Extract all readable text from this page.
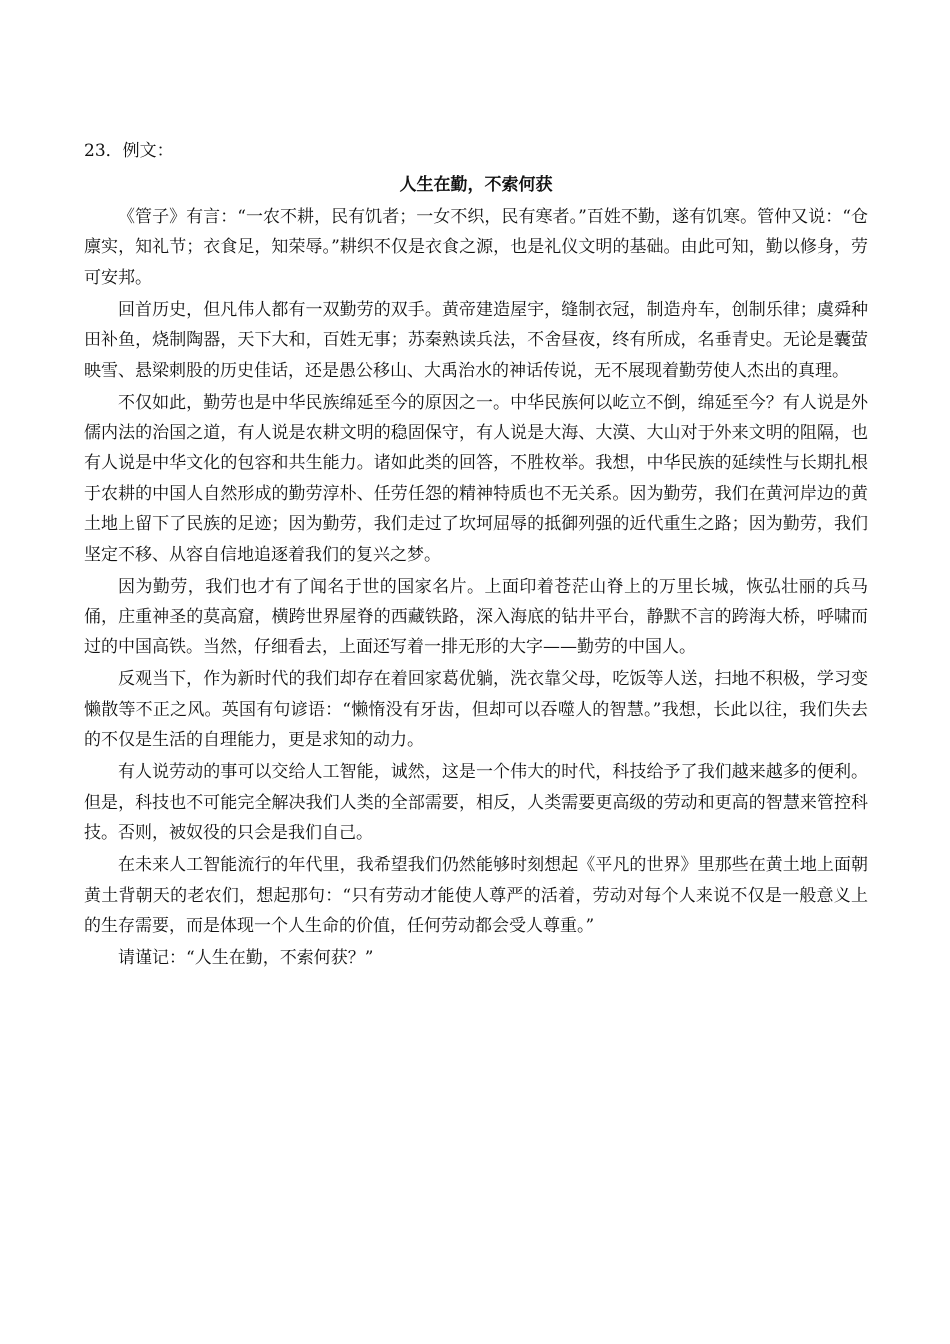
23．例文：
人生在勤，不索何获

《管子》有言：“一农不耕，民有饥者；一女不织，民有寒者。”百姓不勤，遂有饥寒。管仲又说：“仓廪实，知礼节；衣食足，知荣辱。”耕织不仅是衣食之源，也是礼仪文明的基础。由此可知，勤以修身，劳可安邦。

回首历史，但凡伟人都有一双勤劳的双手。黄帝建造屋宇，缝制衣冠，制造舟车，创制乐律；虞舜种田补鱼，烧制陶器，天下大和，百姓无事；苏秦熟读兵法，不舍昼夜，终有所成，名垂青史。无论是囊萤映雪、悬梁刺股的历史佳话，还是愚公移山、大禹治水的神话传说，无不展现着勤劳使人杰出的真理。

不仅如此，勤劳也是中华民族绵延至今的原因之一。中华民族何以屹立不倒，绵延至今？有人说是外儒内法的治国之道，有人说是农耕文明的稳固保守，有人说是大海、大漠、大山对于外来文明的阻隔，也有人说是中华文化的包容和共生能力。诸如此类的回答，不胜枚举。我想，中华民族的延续性与长期扎根于农耕的中国人自然形成的勤劳淳朴、任劳任怨的精神特质也不无关系。因为勤劳，我们在黄河岸边的黄土地上留下了民族的足迹；因为勤劳，我们走过了坎坷屈辱的抵御列强的近代重生之路；因为勤劳，我们坚定不移、从容自信地追逐着我们的复兴之梦。

因为勤劳，我们也才有了闻名于世的国家名片。上面印着苍茫山脊上的万里长城，恢弘壮丽的兵马俑，庄重神圣的莫高窟，横跨世界屋脊的西藏铁路，深入海底的钻井平台，静默不言的跨海大桥，呼啸而过的中国高铁。当然，仔细看去，上面还写着一排无形的大字——勤劳的中国人。

反观当下，作为新时代的我们却存在着回家葛优躺，洗衣靠父母，吃饭等人送，扫地不积极，学习变懒散等不正之风。英国有句谚语：“懒惰没有牙齿，但却可以吞噬人的智慧。”我想，长此以往，我们失去的不仅是生活的自理能力，更是求知的动力。

有人说劳动的事可以交给人工智能，诚然，这是一个伟大的时代，科技给予了我们越来越多的便利。但是，科技也不可能完全解决我们人类的全部需要，相反，人类需要更高级的劳动和更高的智慧来管控科技。否则，被奴役的只会是我们自己。

在未来人工智能流行的年代里，我希望我们仍然能够时刻想起《平凡的世界》里那些在黄土地上面朝黄土背朝天的老农们，想起那句：“只有劳动才能使人尊严的活着，劳动对每个人来说不仅是一般意义上的生存需要，而是体现一个人生命的价值，任何劳动都会受人尊重。”

请谨记：“人生在勤，不索何获？”
